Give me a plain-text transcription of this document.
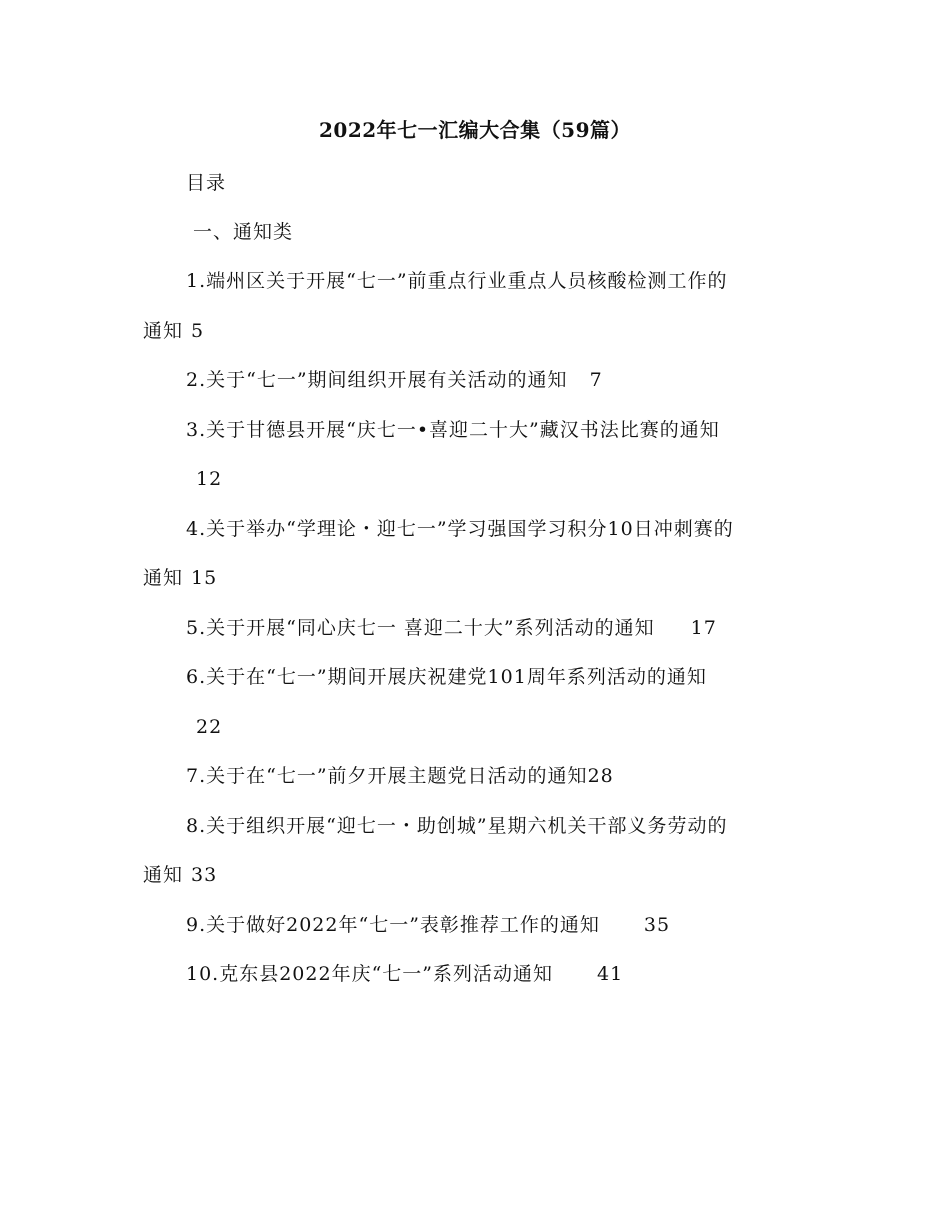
2022年七一汇编大合集（59篇）
目录
一、通知类
1.端州区关于开展“七一”前重点行业重点人员核酸检测工作的
通知 5
2.关于“七一”期间组织开展有关活动的通知 7
3.关于甘德县开展“庆七一•喜迎二十大”藏汉书法比赛的通知
12
4.关于举办“学理论・迎七一”学习强国学习积分10日冲刺赛的
通知 15
5.关于开展“同心庆七一 喜迎二十大”系列活动的通知 17
6.关于在“七一”期间开展庆祝建党101周年系列活动的通知
22
7.关于在“七一”前夕开展主题党日活动的通知28
8.关于组织开展“迎七一・助创城”星期六机关干部义务劳动的
通知 33
9.关于做好2022年“七一”表彰推荐工作的通知 35
10.克东县2022年庆“七一”系列活动通知 41
